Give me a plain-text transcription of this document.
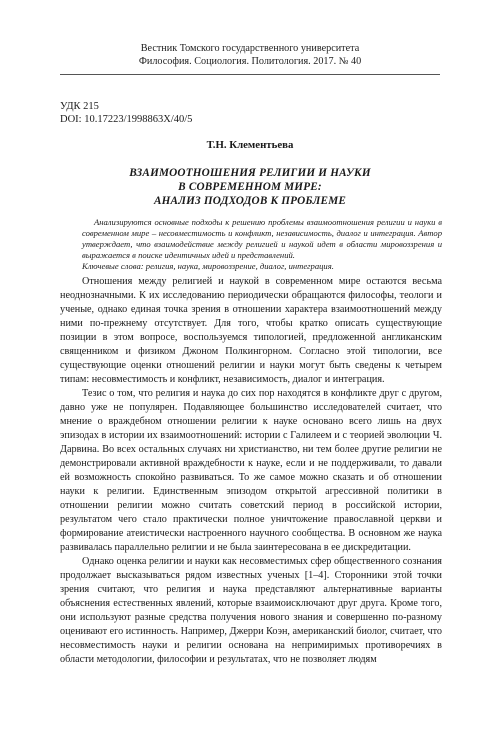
Вестник Томского государственного университета
Философия. Социология. Политология. 2017. № 40
УДК 215
DOI: 10.17223/1998863Х/40/5
Т.Н. Клементьева
ВЗАИМООТНОШЕНИЯ РЕЛИГИИ И НАУКИ
В СОВРЕМЕННОМ МИРЕ:
АНАЛИЗ ПОДХОДОВ К ПРОБЛЕМЕ

Анализируются основные подходы к решению проблемы взаимоотношения религии и науки в современном мире – несовместимость и конфликт, независимость, диалог и интеграция. Автор утверждает, что взаимодействие между религией и наукой идет в области мировоззрения и выражается в поиске идентичных идей и представлений.

Ключевые слова: религия, наука, мировоззрение, диалог, интеграция.

Отношения между религией и наукой в современном мире остаются весьма неоднозначными. К их исследованию периодически обращаются философы, теологи и ученые, однако единая точка зрения в отношении характера взаимоотношений между ними по-прежнему отсутствует. Для того, чтобы кратко описать существующие позиции в этом вопросе, воспользуемся типологией, предложенной англиканским священником и физиком Джоном Полкингорном. Согласно этой типологии, все существующие оценки отношений религии и науки могут быть сведены к четырем типам: несовместимость и конфликт, независимость, диалог и интеграция.

Тезис о том, что религия и наука до сих пор находятся в конфликте друг с другом, давно уже не популярен. Подавляющее большинство исследователей считает, что мнение о враждебном отношении религии к науке основано всего лишь на двух эпизодах в истории их взаимоотношений: истории с Галилеем и с теорией эволюции Ч. Дарвина. Во всех остальных случаях ни христианство, ни тем более другие религии не демонстрировали активной враждебности к науке, если и не поддерживали, то давали ей возможность спокойно развиваться. То же самое можно сказать и об отношении науки к религии. Единственным эпизодом открытой агрессивной политики в отношении религии можно считать советский период в российской истории, результатом чего стало практически полное уничтожение православной церкви и формирование атеистически настроенного научного сообщества. В основном же наука развивалась параллельно религии и не была заинтересована в ее дискредитации.

Однако оценка религии и науки как несовместимых сфер общественного сознания продолжает высказываться рядом известных ученых [1–4]. Сторонники этой точки зрения считают, что религия и наука представляют альтернативные варианты объяснения естественных явлений, которые взаимоисключают друг друга. Кроме того, они используют разные средства получения нового знания и совершенно по-разному оценивают его истинность. Например, Джерри Коэн, американский биолог, считает, что несовместимость науки и религии основана на непримиримых противоречиях в области методологии, философии и результатах, что не позволяет людям
